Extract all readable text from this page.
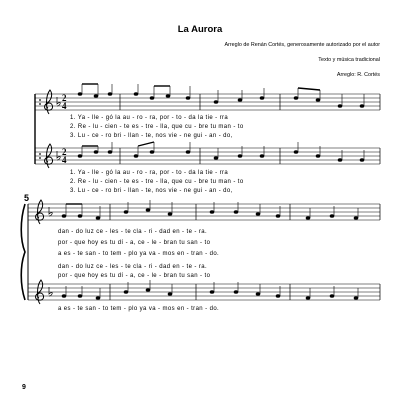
La Aurora
Arreglo de Renán Cortés, generosamente autorizado por el autor
Texto y música tradicional
Arreglo: R. Cortés
2
4
2
4
1. Ya - lle - gó la au - ro - ra, por - to - da la tie - rra
2. Re - lu - cien - te es - tre - lla, que cu - bre tu man - to
3. Lu - ce - ro bri - llan - te, nos vie - ne gui - an - do,
1. Ya - lle - gó la au - ro - ra, por - to - da la tie - rra
2. Re - lu - cien - te es - tre - lla, que cu - bre tu man - to
3. Lu - ce - ro bri - llan - te, nos vie - ne gui - an - do,
5
dan - do luz ce - les - te cla - ri - dad en - te - ra.
por - que hoy es tu dí - a, ce - le - bran tu san - to
a es - te san - to tem - plo ya va - mos en - tran - do.
dan - do luz ce - les - te cla - ri - dad en - te - ra.
por - que hoy es tu dí - a, ce - le - bran tu san - to
a es - te san - to tem - plo ya va - mos en - tran - do.
9
